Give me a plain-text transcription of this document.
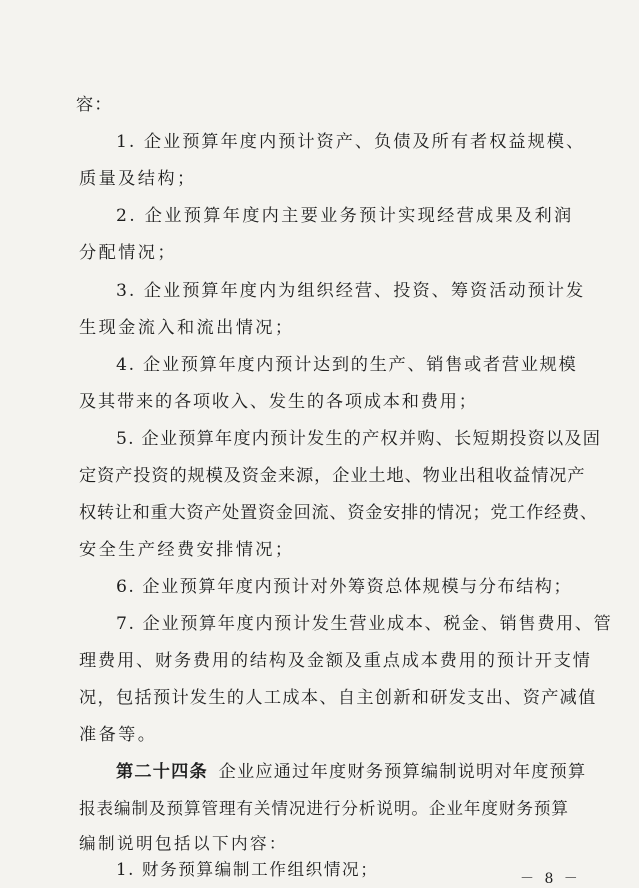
容：
1. 企业预算年度内预计资产、负债及所有者权益规模、
质量及结构；
2. 企业预算年度内主要业务预计实现经营成果及利润
分配情况；
3. 企业预算年度内为组织经营、投资、筹资活动预计发
生现金流入和流出情况；
4. 企业预算年度内预计达到的生产、销售或者营业规模
及其带来的各项收入、发生的各项成本和费用；
5. 企业预算年度内预计发生的产权并购、长短期投资以及固
定资产投资的规模及资金来源，企业土地、物业出租收益情况产
权转让和重大资产处置资金回流、资金安排的情况；党工作经费、
安全生产经费安排情况；
6. 企业预算年度内预计对外筹资总体规模与分布结构；
7. 企业预算年度内预计发生营业成本、税金、销售费用、管
理费用、财务费用的结构及金额及重点成本费用的预计开支情
况，包括预计发生的人工成本、自主创新和研发支出、资产减值
准备等。
第二十四条 企业应通过年度财务预算编制说明对年度预算
报表编制及预算管理有关情况进行分析说明。企业年度财务预算
编制说明包括以下内容：
1. 财务预算编制工作组织情况；	－ 8 －
